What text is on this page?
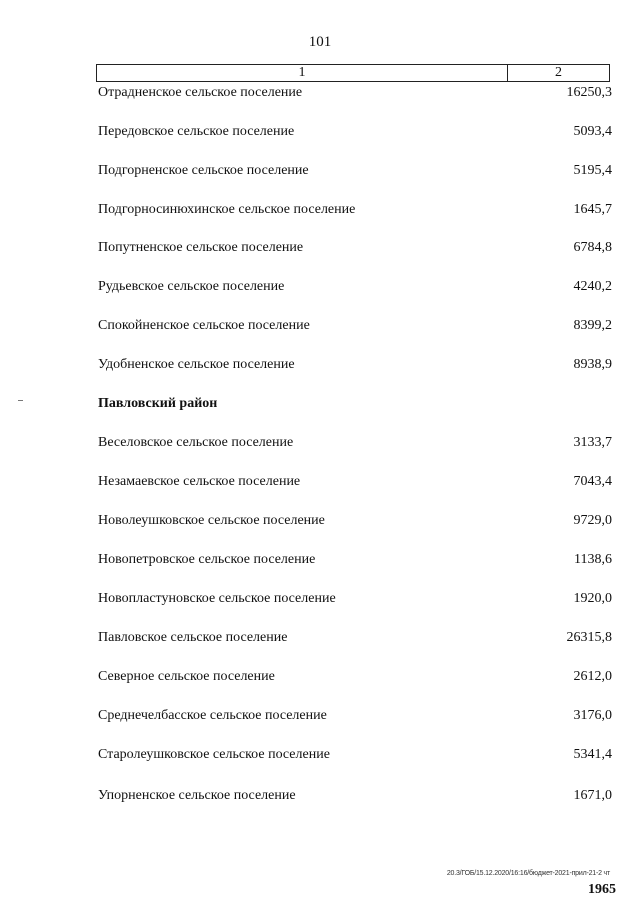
101
1	2
Отрадненское сельское поселение	16250,3
Передовское сельское поселение	5093,4
Подгорненское сельское поселение	5195,4
Подгорносинюхинское сельское поселение	1645,7
Попутненское сельское поселение	6784,8
Рудьевское сельское поселение	4240,2
Спокойненское сельское поселение	8399,2
Удобненское сельское поселение	8938,9
Павловский район
Веселовское сельское поселение	3133,7
Незамаевское сельское поселение	7043,4
Новолеушковское сельское поселение	9729,0
Новопетровское сельское поселение	1138,6
Новопластуновское сельское поселение	1920,0
Павловское сельское поселение	26315,8
Северное сельское поселение	2612,0
Среднечелбасское сельское поселение	3176,0
Старолеушковское сельское поселение	5341,4
Упорненское сельское поселение	1671,0
20.3/ГОБ/15.12.2020/16:16/бюджет-2021-прил-21-2 чт
1965
